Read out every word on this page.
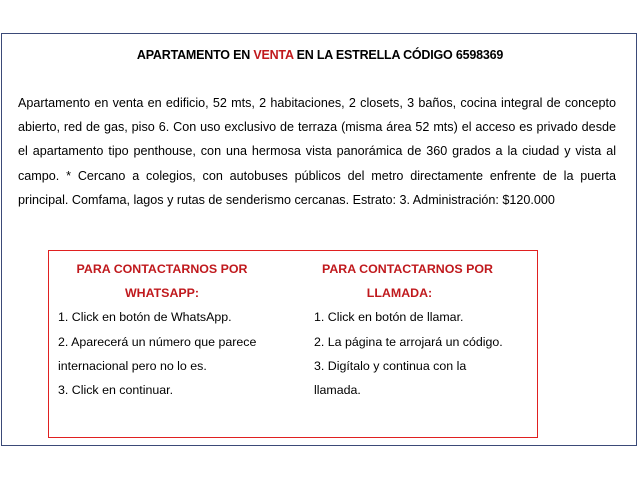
APARTAMENTO EN VENTA EN LA ESTRELLA CÓDIGO 6598369
Apartamento en venta en edificio, 52 mts, 2 habitaciones, 2 closets, 3 baños, cocina integral de concepto abierto, red de gas, piso 6. Con uso exclusivo de terraza (misma área 52 mts) el acceso es privado desde el apartamento tipo penthouse, con una hermosa vista panorámica de 360 grados a la ciudad y vista al campo. * Cercano a colegios, con autobuses públicos del metro directamente enfrente de la puerta principal. Comfama, lagos y rutas de senderismo cercanas. Estrato: 3. Administración: $120.000
PARA CONTACTARNOS POR
WHATSAPP:

1. Click en botón de WhatsApp.

2. Aparecerá un número que parece internacional pero no lo es.

3. Click en continuar.

PARA CONTACTARNOS POR
LLAMADA:

1. Click en botón de llamar.

2. La página te arrojará un código.

3. Digítalo y continua con la llamada.
